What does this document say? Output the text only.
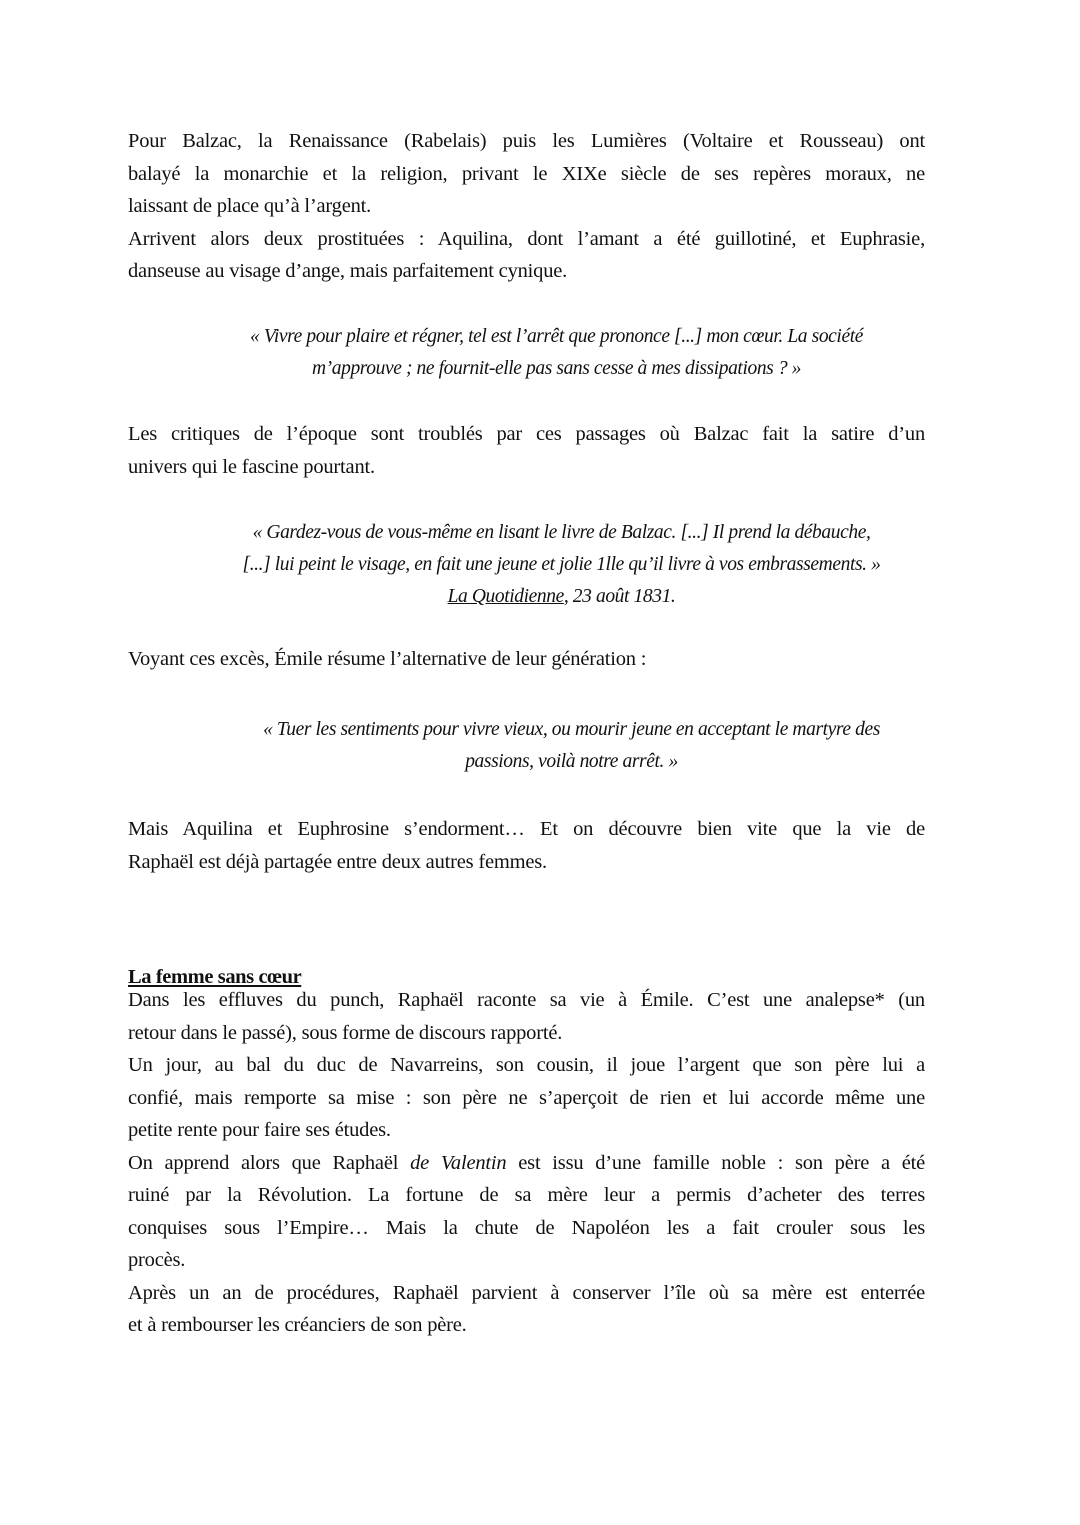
Pour Balzac, la Renaissance (Rabelais) puis les Lumières (Voltaire et Rousseau) ont
balayé la monarchie et la religion, privant le XIXe siècle de ses repères moraux, ne
laissant de place qu’à l’argent.
Arrivent alors deux prostituées : Aquilina, dont l’amant a été guillotiné, et Euphrasie,
danseuse au visage d’ange, mais parfaitement cynique.

« Vivre pour plaire et régner, tel est l’arrêt que prononce [...] mon cœur. La société
m’approuve ; ne fournit-elle pas sans cesse à mes dissipations ? »

Les critiques de l’époque sont troublés par ces passages où Balzac fait la satire d’un
univers qui le fascine pourtant.

« Gardez-vous de vous-même en lisant le livre de Balzac. [...] Il prend la débauche,
[...] lui peint le visage, en fait une jeune et jolie 1lle qu’il livre à vos embrassements. »
La Quotidienne, 23 août 1831.

Voyant ces excès, Émile résume l’alternative de leur génération :

« Tuer les sentiments pour vivre vieux, ou mourir jeune en acceptant le martyre des
passions, voilà notre arrêt. »

Mais Aquilina et Euphrosine s’endorment… Et on découvre bien vite que la vie de
Raphaël est déjà partagée entre deux autres femmes.

La femme sans cœur

Dans les effluves du punch, Raphaël raconte sa vie à Émile. C’est une analepse* (un
retour dans le passé), sous forme de discours rapporté.
Un jour, au bal du duc de Navarreins, son cousin, il joue l’argent que son père lui a
confié, mais remporte sa mise : son père ne s’aperçoit de rien et lui accorde même une
petite rente pour faire ses études.
On apprend alors que Raphaël de Valentin est issu d’une famille noble : son père a été
ruiné par la Révolution. La fortune de sa mère leur a permis d’acheter des terres
conquises sous l’Empire… Mais la chute de Napoléon les a fait crouler sous les
procès.
Après un an de procédures, Raphaël parvient à conserver l’île où sa mère est enterrée
et à rembourser les créanciers de son père.
